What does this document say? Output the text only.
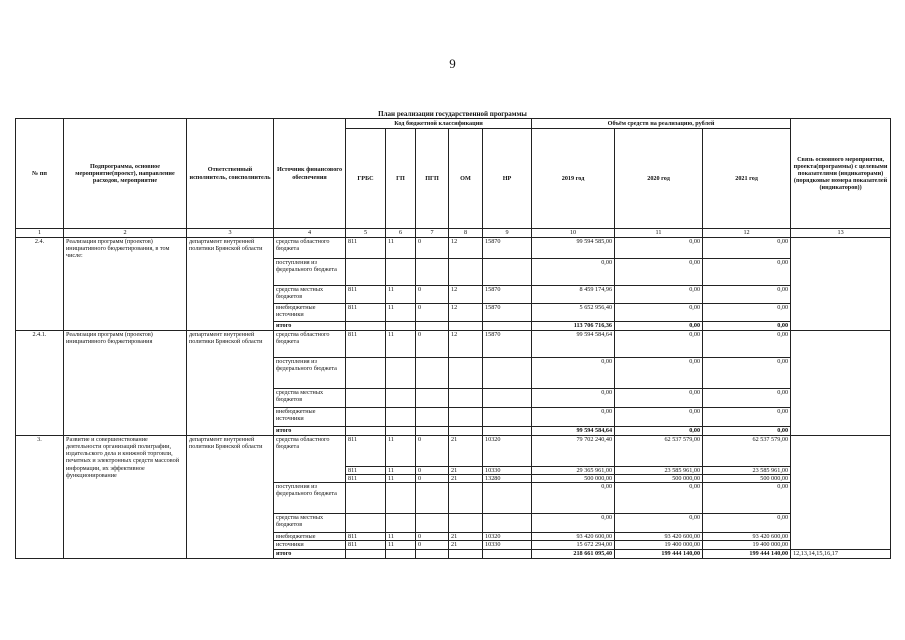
9
План реализации государственной программы
№ пп	Подпрограмма, основное мероприятие(проект), направление расходов, мероприятие	Ответственный исполнитель, соисполнитель	Источник финансового обеспечения	Код бюджетной классификации					Объём средств на реализацию, рублей			Связь основного мероприятия, проекта(программы) с целевыми показателями (индикаторами) (порядковые номера показателей (индикаторов))
				ГРБС	ГП	ПГП	ОМ	НР	2019 год	2020 год	2021 год	
1	2	3	4	5	6	7	8	9	10	11	12	13
2.4.	Реализация программ (проектов) инициативного бюджетирования, в том числе:	департамент внутренней политики Брянской области	средства областного бюджета	811	11	0	12	15870	99 594 585,00	0,00	0,00	
			поступления из федерального бюджета						0,00	0,00	0,00	
			средства местных бюджетов	811	11	0	12	15870	8 459 174,96	0,00	0,00	
			внебюджетные источники	811	11	0	12	15870	5 652 956,40	0,00	0,00	
			итого						113 706 716,36	0,00	0,00	
2.4.1.	Реализация программ (проектов) инициативного бюджетирования	департамент внутренней политики Брянской области	средства областного бюджета	811	11	0	12	15870	99 594 584,64	0,00	0,00	
			поступления из федерального бюджета						0,00	0,00	0,00	
			средства местных бюджетов						0,00	0,00	0,00	
			внебюджетные источники						0,00	0,00	0,00	
			итого						99 594 584,64	0,00	0,00	
3.	Развитие и совершенствование деятельности организаций полиграфии, издательского дела и книжной торговли, печатных и электронных средств массовой информации, их эффективное функционирование	департамент внутренней политики Брянской области	средства областного бюджета	811	11	0	21	10320	79 702 240,40	62 537 579,00	62 537 579,00	
				811	11	0	21	10330	29 365 961,00	23 585 961,00	23 585 961,00	
				811	11	0	21	13280	500 000,00	500 000,00	500 000,00	
			поступления из федерального бюджета						0,00	0,00	0,00	
			средства местных бюджетов						0,00	0,00	0,00	
			внебюджетные	811	11	0	21	10320	93 420 600,00	93 420 600,00	93 420 600,00	
			источники	811	11	0	21	10330	15 672 294,00	19 400 000,00	19 400 000,00	
			итого						218 661 095,40	199 444 140,00	199 444 140,00	12,13,14,15,16,17
